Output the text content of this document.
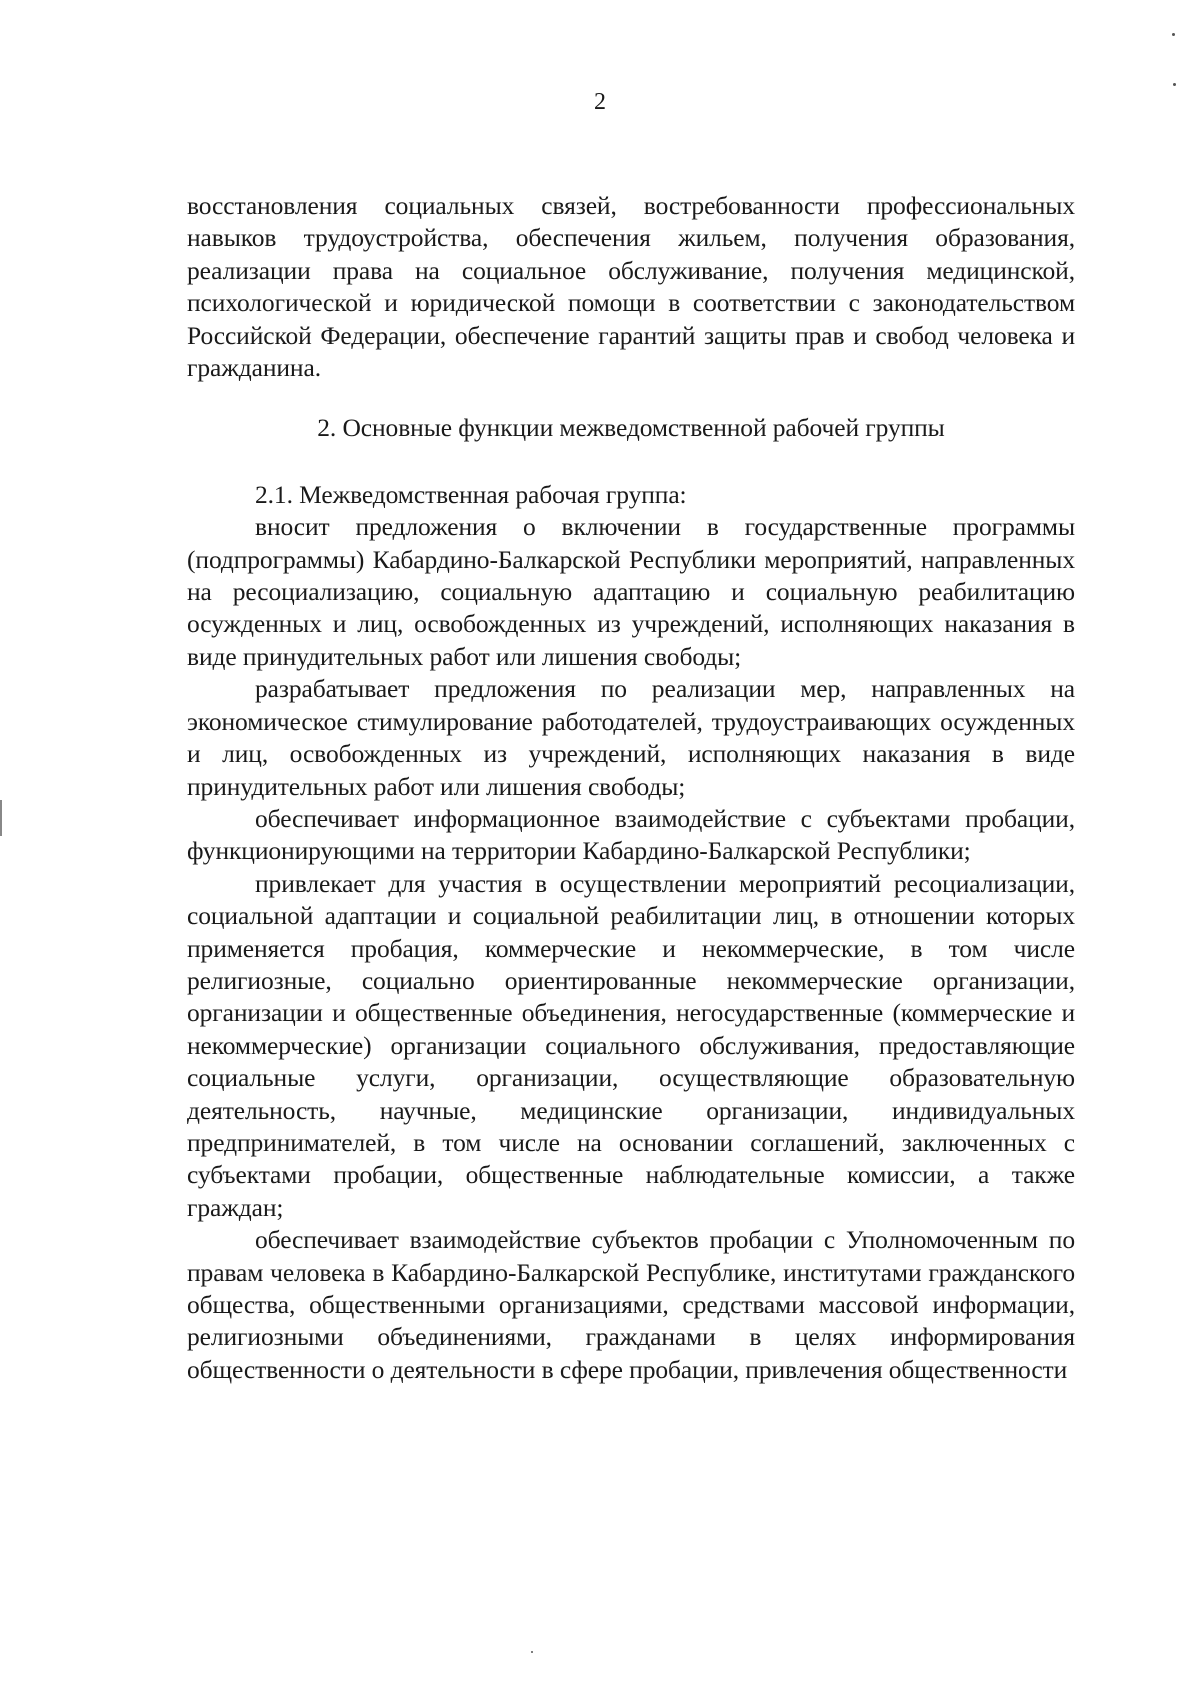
2

восстановления социальных связей, востребованности профессиональных навыков трудоустройства, обеспечения жильем, получения образования, реализации права на социальное обслуживание, получения медицинской, психологической и юридической помощи в соответствии с законодательством Российской Федерации, обеспечение гарантий защиты прав и свобод человека и гражданина.

2. Основные функции межведомственной рабочей группы

2.1. Межведомственная рабочая группа:

вносит предложения о включении в государственные программы (подпрограммы) Кабардино-Балкарской Республики мероприятий, направленных на ресоциализацию, социальную адаптацию и социальную реабилитацию осужденных и лиц, освобожденных из учреждений, исполняющих наказания в виде принудительных работ или лишения свободы;

разрабатывает предложения по реализации мер, направленных на экономическое стимулирование работодателей, трудоустраивающих осужденных и лиц, освобожденных из учреждений, исполняющих наказания в виде принудительных работ или лишения свободы;

обеспечивает информационное взаимодействие с субъектами пробации, функционирующими на территории Кабардино-Балкарской Республики;

привлекает для участия в осуществлении мероприятий ресоциализации, социальной адаптации и социальной реабилитации лиц, в отношении которых применяется пробация, коммерческие и некоммерческие, в том числе религиозные, социально ориентированные некоммерческие организации, организации и общественные объединения, негосударственные (коммерческие и некоммерческие) организации социального обслуживания, предоставляющие социальные услуги, организации, осуществляющие образовательную деятельность, научные, медицинские организации, индивидуальных предпринимателей, в том числе на основании соглашений, заключенных с субъектами пробации, общественные наблюдательные комиссии, а также граждан;

обеспечивает взаимодействие субъектов пробации с Уполномоченным по правам человека в Кабардино-Балкарской Республике, институтами гражданского общества, общественными организациями, средствами массовой информации, религиозными объединениями, гражданами в целях информирования общественности о деятельности в сфере пробации, привлечения общественности
